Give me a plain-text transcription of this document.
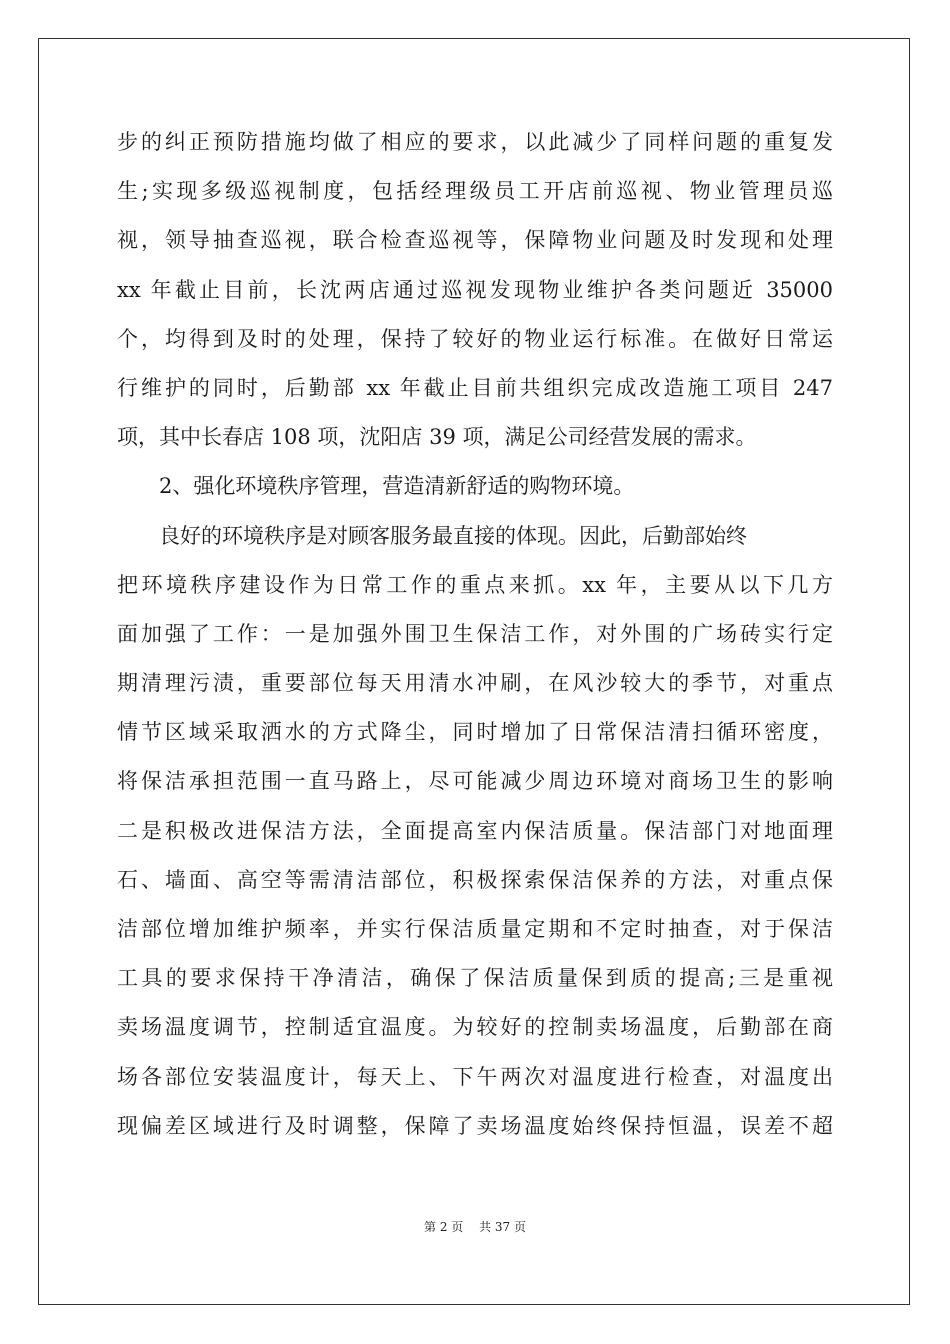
步的纠正预防措施均做了相应的要求，以此减少了同样问题的重复发
生;实现多级巡视制度，包括经理级员工开店前巡视、物业管理员巡
视，领导抽查巡视，联合检查巡视等，保障物业问题及时发现和处理
xx 年截止目前，长沈两店通过巡视发现物业维护各类问题近 35000
个，均得到及时的处理，保持了较好的物业运行标准。在做好日常运
行维护的同时，后勤部 xx 年截止目前共组织完成改造施工项目 247
项，其中长春店 108 项，沈阳店 39 项，满足公司经营发展的需求。
2、强化环境秩序管理，营造清新舒适的购物环境。
良好的环境秩序是对顾客服务最直接的体现。因此，后勤部始终
把环境秩序建设作为日常工作的重点来抓。xx 年，主要从以下几方
面加强了工作：一是加强外围卫生保洁工作，对外围的广场砖实行定
期清理污渍，重要部位每天用清水冲刷，在风沙较大的季节，对重点
情节区域采取洒水的方式降尘，同时增加了日常保洁清扫循环密度，
将保洁承担范围一直马路上，尽可能减少周边环境对商场卫生的影响
二是积极改进保洁方法，全面提高室内保洁质量。保洁部门对地面理
石、墙面、高空等需清洁部位，积极探索保洁保养的方法，对重点保
洁部位增加维护频率，并实行保洁质量定期和不定时抽查，对于保洁
工具的要求保持干净清洁，确保了保洁质量保到质的提高;三是重视
卖场温度调节，控制适宜温度。为较好的控制卖场温度，后勤部在商
场各部位安装温度计，每天上、下午两次对温度进行检查，对温度出
现偏差区域进行及时调整，保障了卖场温度始终保持恒温，误差不超
第 2 页 共 37 页
